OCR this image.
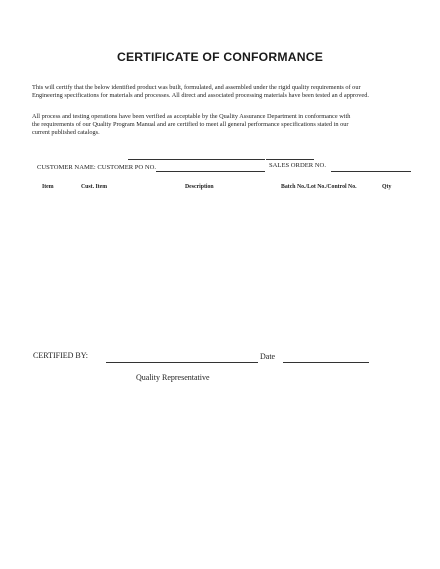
CERTIFICATE OF CONFORMANCE
This will certify that the below identified product was built, formulated, and assembled under the rigid quality requirements of our
Engineering specifications for materials and processes. All direct and associated processing materials have been tested an d approved.
All process and testing operations have been verified as acceptable by the Quality Assurance Department in conformance with
the requirements of our Quality Program Manual and are certified to meet all general performance specifications stated in our
current published catalogs.
CUSTOMER NAME: CUSTOMER PO NO.	SALES ORDER NO.
Item	Cust. Item	Description	Batch No./Lot No./Control No.	Qty
CERTIFIED BY:	Date
Quality Representative
